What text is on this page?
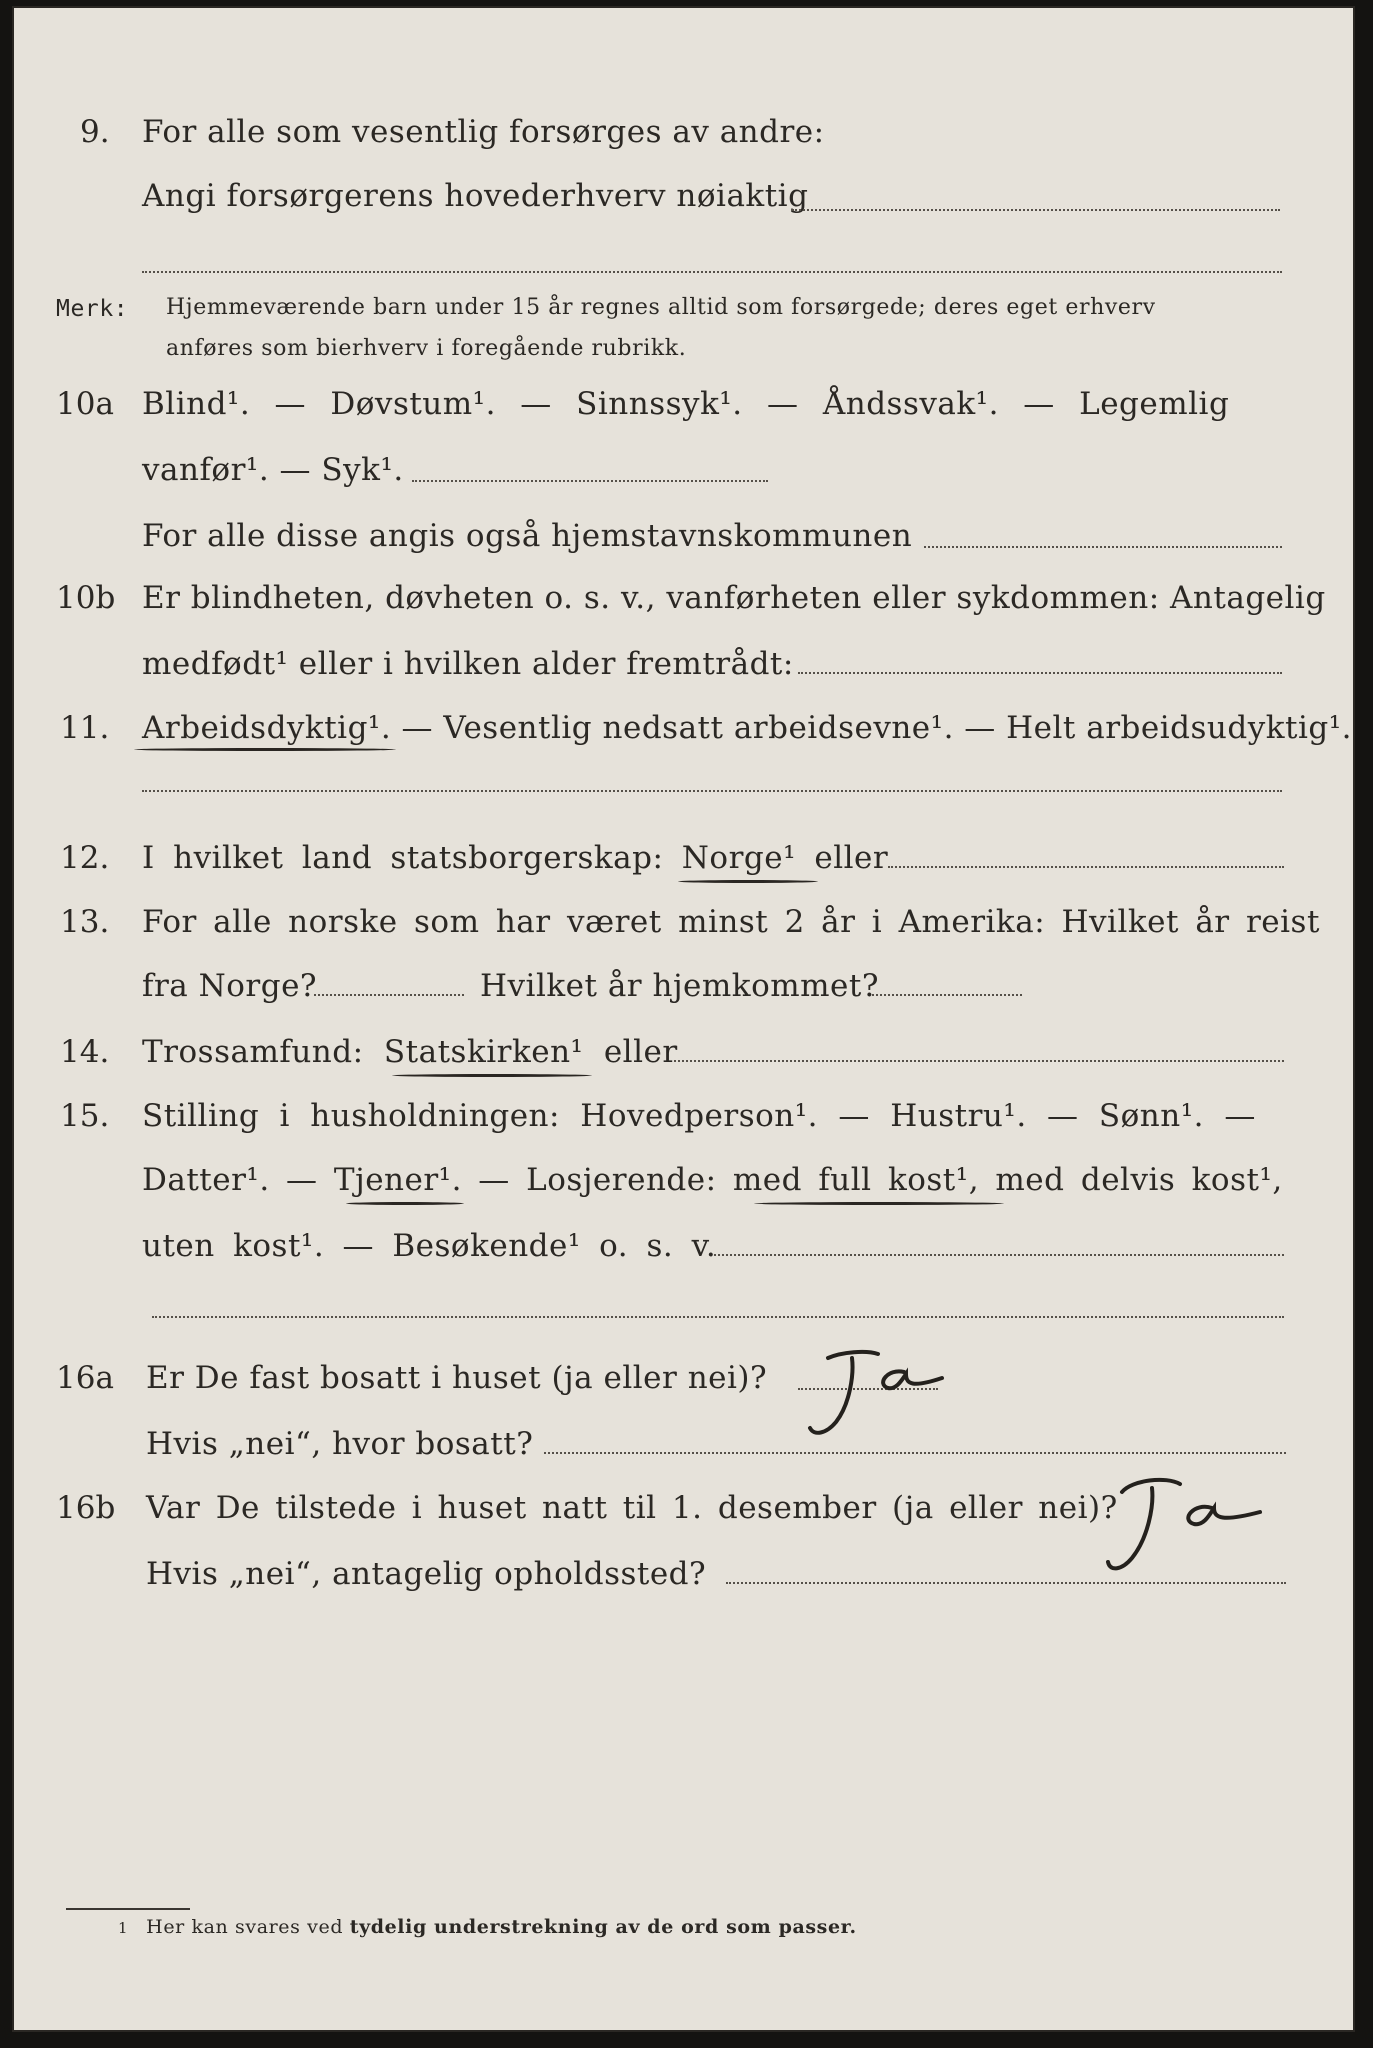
9. For alle som vesentlig forsørges av andre:
Angi forsørgerens hovederhverv nøiaktig
Merk: Hjemmeværende barn under 15 år regnes alltid som forsørgede; deres eget erhverv
anføres som bierhverv i foregående rubrikk.
10a Blind¹. — Døvstum¹. — Sinnssyk¹. — Åndssvak¹. — Legemlig
vanfør¹. — Syk¹.
For alle disse angis også hjemstavnskommunen
10b Er blindheten, døvheten o. s. v., vanførheten eller sykdommen: Antagelig
medfødt¹ eller i hvilken alder fremtrådt:
11. Arbeidsdyktig¹. — Vesentlig nedsatt arbeidsevne¹. — Helt arbeidsudyktig¹.
12. I hvilket land statsborgerskap: Norge¹ eller
13. For alle norske som har været minst 2 år i Amerika: Hvilket år reist
fra Norge?	Hvilket år hjemkommet?
14. Trossamfund: Statskirken¹ eller
15. Stilling i husholdningen: Hovedperson¹. — Hustru¹. — Sønn¹. —
Datter¹. — Tjener¹. — Losjerende: med full kost¹, med delvis kost¹,
uten kost¹. — Besøkende¹ o. s. v.
16a Er De fast bosatt i huset (ja eller nei)?
Hvis „nei“, hvor bosatt?
16b Var De tilstede i huset natt til 1. desember (ja eller nei)?
Hvis „nei“, antagelig opholdssted?
1 Her kan svares ved tydelig understrekning av de ord som passer.
